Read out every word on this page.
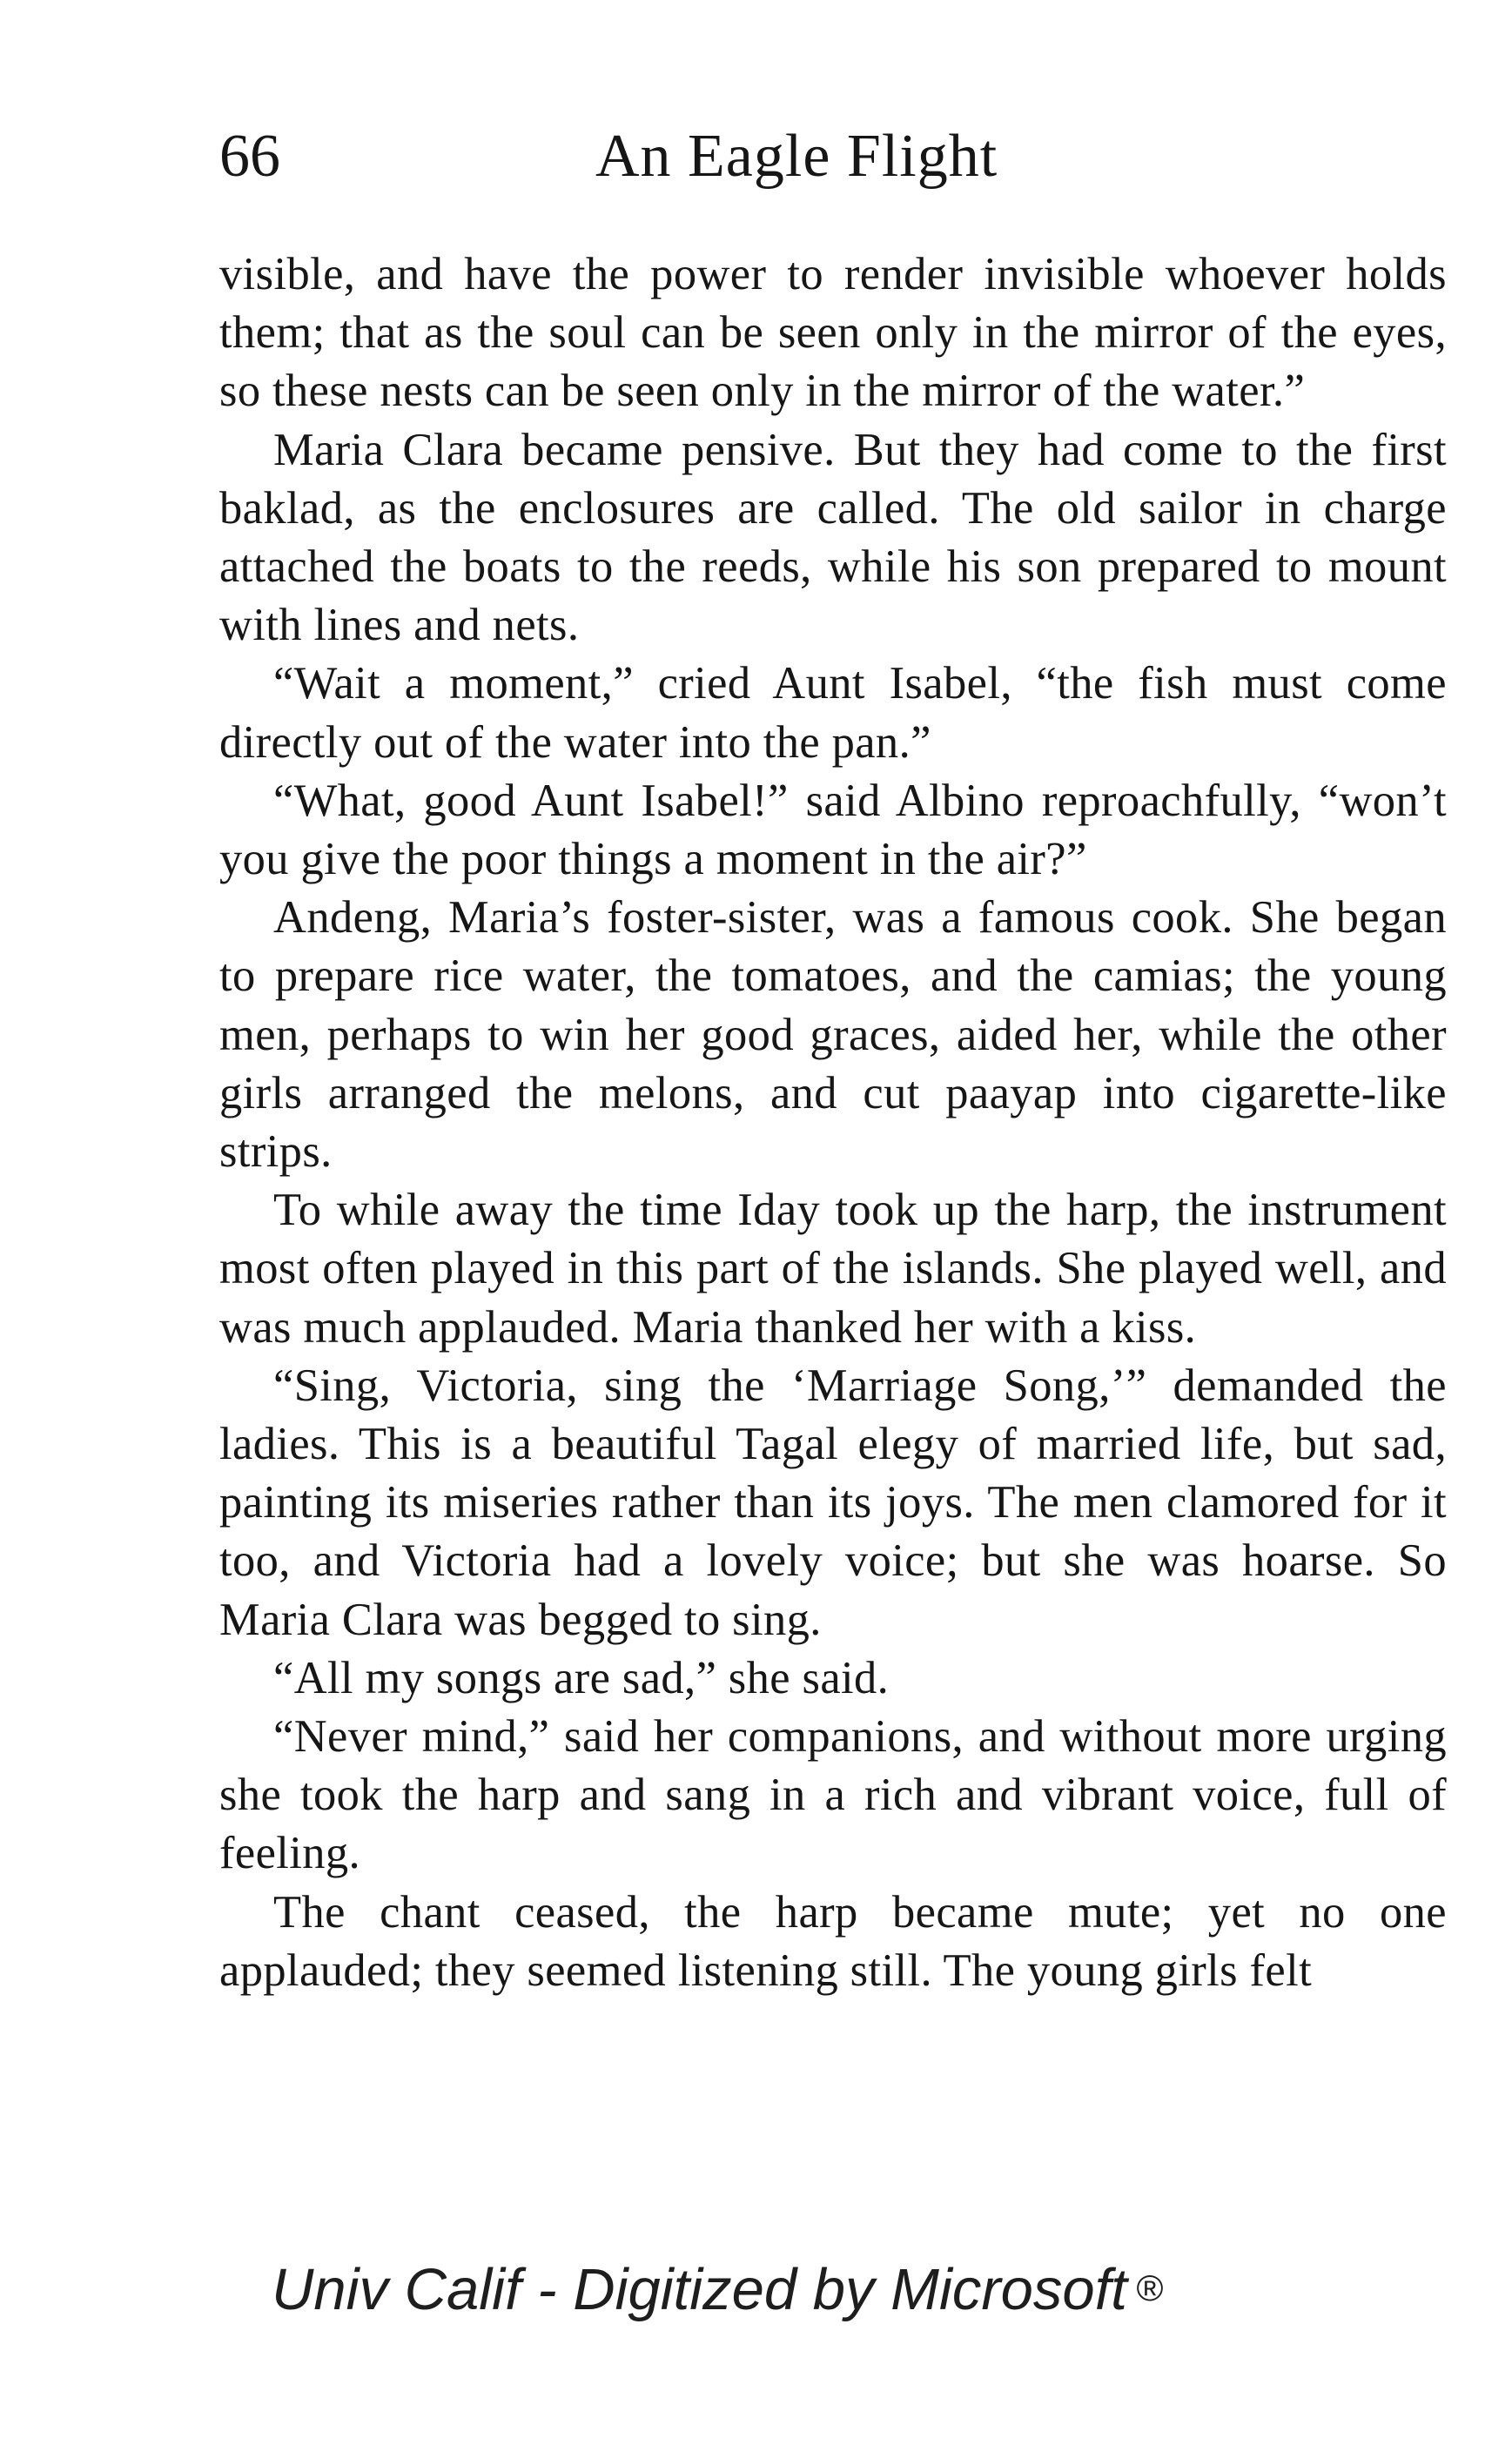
66	An Eagle Flight

visible, and have the power to render invisible whoever holds them; that as the soul can be seen only in the mirror of the eyes, so these nests can be seen only in the mirror of the water.”

Maria Clara became pensive. But they had come to the first baklad, as the enclosures are called. The old sailor in charge attached the boats to the reeds, while his son prepared to mount with lines and nets.

“Wait a moment,” cried Aunt Isabel, “the fish must come directly out of the water into the pan.”

“What, good Aunt Isabel!” said Albino reproachfully, “won’t you give the poor things a moment in the air?”

Andeng, Maria’s foster-sister, was a famous cook. She began to prepare rice water, the tomatoes, and the camias; the young men, perhaps to win her good graces, aided her, while the other girls arranged the melons, and cut paayap into cigarette-like strips.

To while away the time Iday took up the harp, the instrument most often played in this part of the islands. She played well, and was much applauded. Maria thanked her with a kiss.

“Sing, Victoria, sing the ‘Marriage Song,’” demanded the ladies. This is a beautiful Tagal elegy of married life, but sad, painting its miseries rather than its joys. The men clamored for it too, and Victoria had a lovely voice; but she was hoarse. So Maria Clara was begged to sing.

“All my songs are sad,” she said.

“Never mind,” said her companions, and without more urging she took the harp and sang in a rich and vibrant voice, full of feeling.

The chant ceased, the harp became mute; yet no one applauded; they seemed listening still. The young girls felt

Univ Calif - Digitized by Microsoft ®
